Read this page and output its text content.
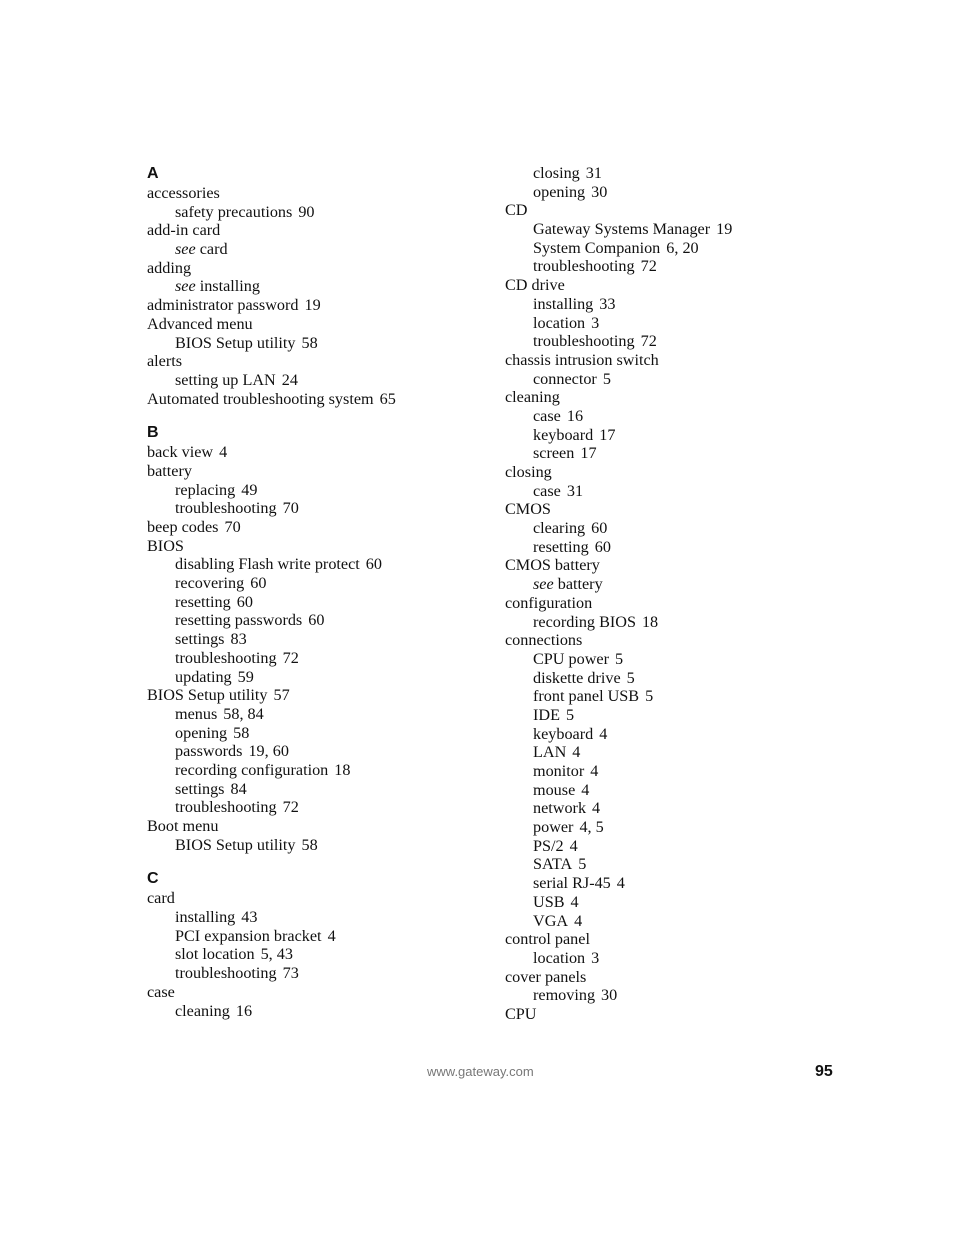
A
accessories
safety precautions 90
add-in card
see card
adding
see installing
administrator password 19
Advanced menu
BIOS Setup utility 58
alerts
setting up LAN 24
Automated troubleshooting system 65
B
back view 4
battery
replacing 49
troubleshooting 70
beep codes 70
BIOS
disabling Flash write protect 60
recovering 60
resetting 60
resetting passwords 60
settings 83
troubleshooting 72
updating 59
BIOS Setup utility 57
menus 58, 84
opening 58
passwords 19, 60
recording configuration 18
settings 84
troubleshooting 72
Boot menu
BIOS Setup utility 58
C
card
installing 43
PCI expansion bracket 4
slot location 5, 43
troubleshooting 73
case
cleaning 16
closing 31
opening 30
CD
Gateway Systems Manager 19
System Companion 6, 20
troubleshooting 72
CD drive
installing 33
location 3
troubleshooting 72
chassis intrusion switch
connector 5
cleaning
case 16
keyboard 17
screen 17
closing
case 31
CMOS
clearing 60
resetting 60
CMOS battery
see battery
configuration
recording BIOS 18
connections
CPU power 5
diskette drive 5
front panel USB 5
IDE 5
keyboard 4
LAN 4
monitor 4
mouse 4
network 4
power 4, 5
PS/2 4
SATA 5
serial RJ-45 4
USB 4
VGA 4
control panel
location 3
cover panels
removing 30
CPU
www.gateway.com	95
